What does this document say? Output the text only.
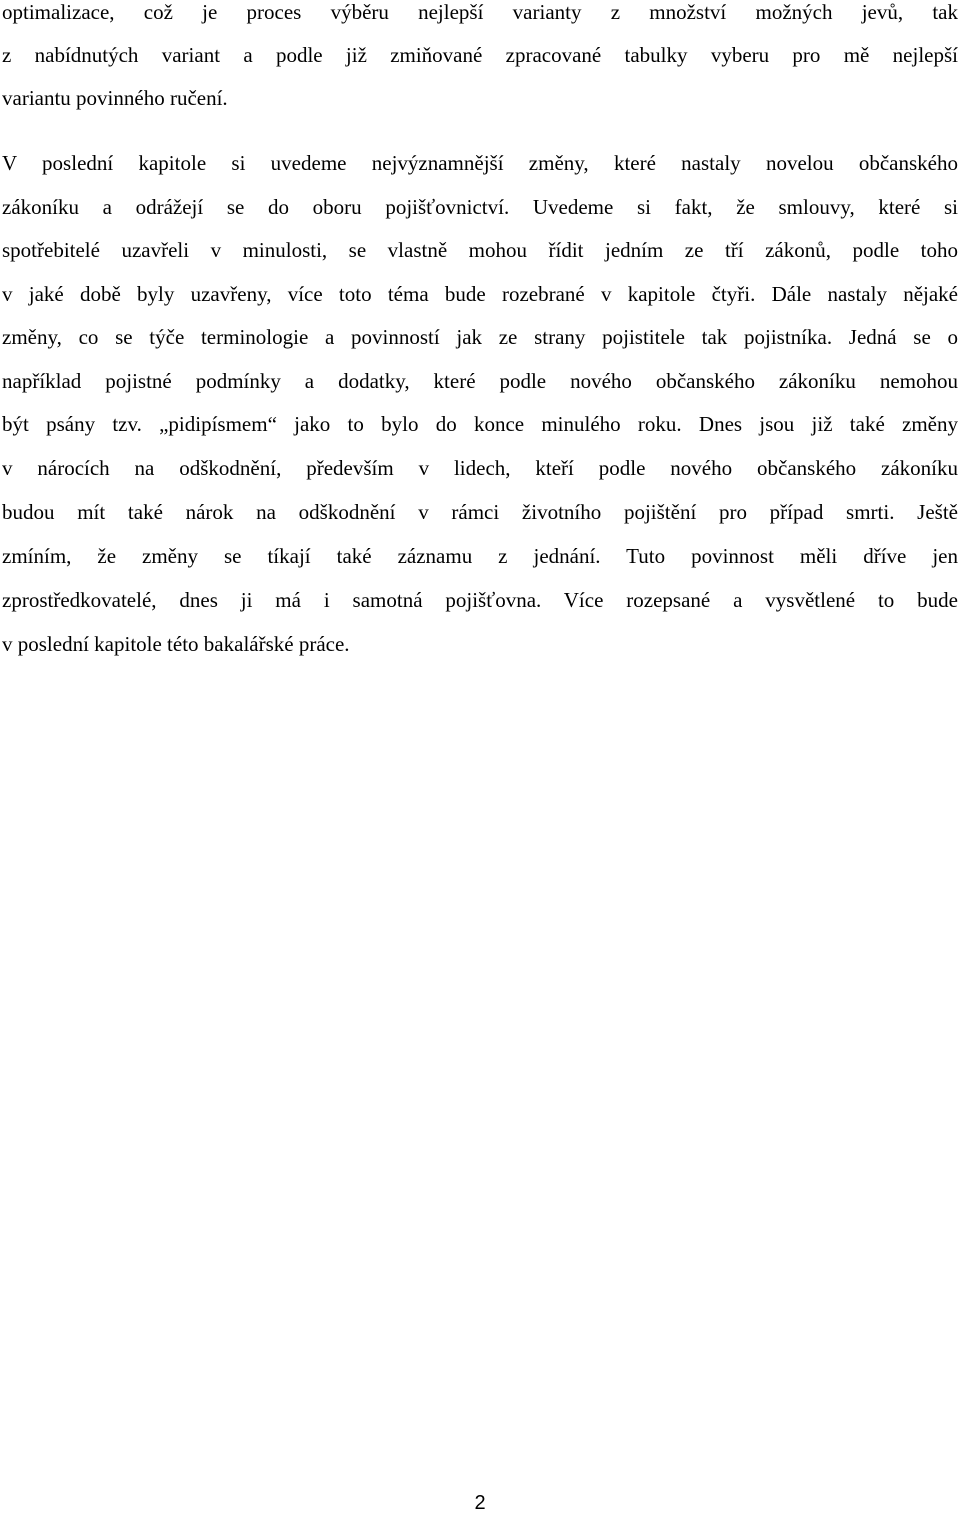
optimalizace, což je proces výběru nejlepší varianty z množství možných jevů, tak
z nabídnutých variant a podle již zmiňované zpracované tabulky vyberu pro mě nejlepší
variantu povinného ručení.
V poslední kapitole si uvedeme nejvýznamnější změny, které nastaly novelou občanského
zákoníku a odrážejí se do oboru pojišťovnictví. Uvedeme si fakt, že smlouvy, které si
spotřebitelé uzavřeli v minulosti, se vlastně mohou řídit jedním ze tří zákonů, podle toho
v jaké době byly uzavřeny, více toto téma bude rozebrané v kapitole čtyři. Dále nastaly nějaké
změny, co se týče terminologie a povinností jak ze strany pojistitele tak pojistníka. Jedná se o
například pojistné podmínky a dodatky, které podle nového občanského zákoníku nemohou
být psány tzv. „pidipísmem“ jako to bylo do konce minulého roku. Dnes jsou již také změny
v nárocích na odškodnění, především v lidech, kteří podle nového občanského zákoníku
budou mít také nárok na odškodnění v rámci životního pojištění pro případ smrti. Ještě
zmíním, že změny se tíkají také záznamu z jednání. Tuto povinnost měli dříve jen
zprostředkovatelé, dnes ji má i samotná pojišťovna. Více rozepsané a vysvětlené to bude
v poslední kapitole této bakalářské práce.
2
